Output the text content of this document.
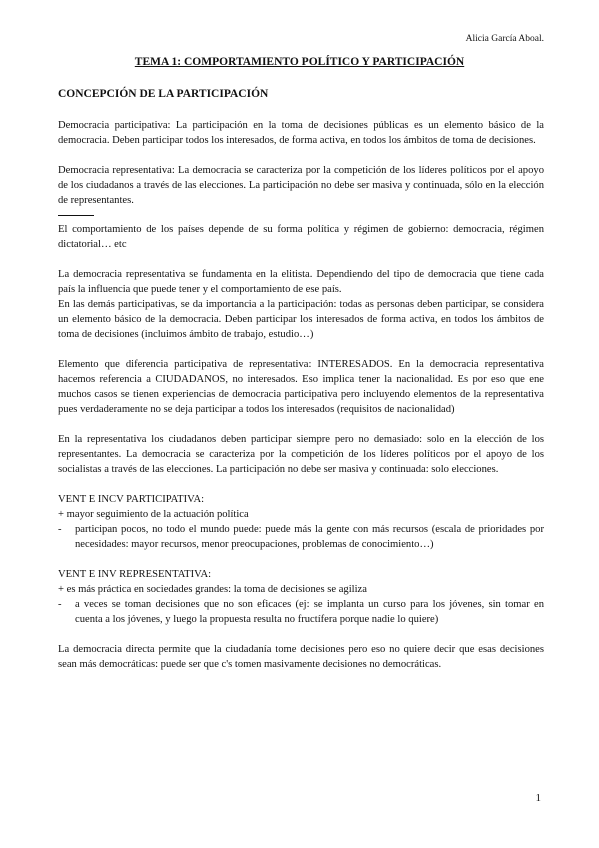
Alicia García Aboal.
TEMA 1: COMPORTAMIENTO POLÍTICO Y PARTICIPACIÓN
CONCEPCIÓN DE LA PARTICIPACIÓN

Democracia participativa: La participación en la toma de decisiones públicas es un elemento básico de la democracia. Deben participar todos los interesados, de forma activa, en todos los ámbitos de toma de decisiones.

Democracia representativa: La democracia se caracteriza por la competición de los líderes políticos por el apoyo de los ciudadanos a través de las elecciones. La participación no debe ser masiva y continuada, sólo en la elección de representantes.

El comportamiento de los países depende de su forma política y régimen de gobierno: democracia, régimen dictatorial… etc

La democracia representativa se fundamenta en la elitista. Dependiendo del tipo de democracia que tiene cada país la influencia que puede tener y el comportamiento de ese país.

En las demás participativas, se da importancia a la participación: todas as personas deben participar, se considera un elemento básico de la democracia. Deben participar los interesados de forma activa, en todos los ámbitos de toma de decisiones (incluimos ámbito de trabajo, estudio…)

Elemento que diferencia participativa de representativa: INTERESADOS. En la democracia representativa hacemos referencia a CIUDADANOS, no interesados. Eso implica tener la nacionalidad. Es por eso que ene muchos casos se tienen experiencias de democracia participativa pero incluyendo elementos de la representativa pues verdaderamente no se deja participar a todos los interesados (requisitos de nacionalidad)

En la representativa los ciudadanos deben participar siempre pero no demasiado: solo en la elección de los representantes. La democracia se caracteriza por la competición de los líderes políticos por el apoyo de los socialistas a través de las elecciones. La participación no debe ser masiva y continuada: solo elecciones.

VENT E INCV PARTICIPATIVA:

+ mayor seguimiento de la actuación política

- participan pocos, no todo el mundo puede: puede más la gente con más recursos (escala de prioridades por necesidades: mayor recursos, menor preocupaciones, problemas de conocimiento…)

VENT E INV REPRESENTATIVA:

+ es más práctica en sociedades grandes: la toma de decisiones se agiliza

- a veces se toman decisiones que no son eficaces (ej: se implanta un curso para los jóvenes, sin tomar en cuenta a los jóvenes, y luego la propuesta resulta no fructífera porque nadie lo quiere)

La democracia directa permite que la ciudadanía tome decisiones pero eso no quiere decir que esas decisiones sean más democráticas: puede ser que c's tomen masivamente decisiones no democráticas.

1
